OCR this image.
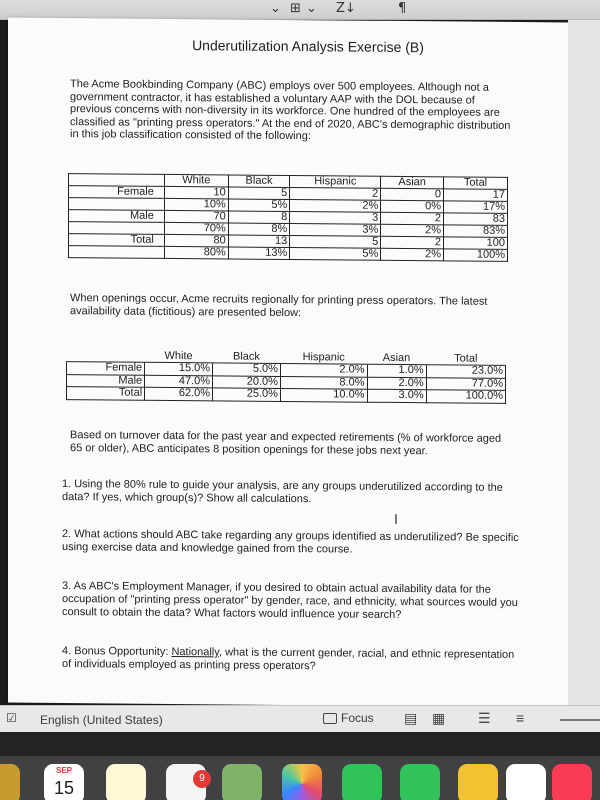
⌄ ⊞ ⌄ Z↓	¶
Underutilization Analysis Exercise (B)
The Acme Bookbinding Company (ABC) employs over 500 employees. Although not a government contractor, it has established a voluntary AAP with the DOL because of previous concerns with non-diversity in its workforce. One hundred of the employees are classified as "printing press operators." At the end of 2020, ABC's demographic distribution in this job classification consisted of the following:
	White	Black	Hispanic	Asian	Total
Female	10	5	2	0	17
	10%	5%	2%	0%	17%
Male	70	8	3	2	83
	70%	8%	3%	2%	83%
Total	80	13	5	2	100
	80%	13%	5%	2%	100%
When openings occur, Acme recruits regionally for printing press operators. The latest availability data (fictitious) are presented below:
	White	Black	Hispanic	Asian	Total
Female	15.0%	5.0%	2.0%	1.0%	23.0%
Male	47.0%	20.0%	8.0%	2.0%	77.0%
Total	62.0%	25.0%	10.0%	3.0%	100.0%
Based on turnover data for the past year and expected retirements (% of workforce aged 65 or older), ABC anticipates 8 position openings for these jobs next year.
1. Using the 80% rule to guide your analysis, are any groups underutilized according to the data? If yes, which group(s)? Show all calculations.
2. What actions should ABC take regarding any groups identified as underutilized? Be specific using exercise data and knowledge gained from the course.
3. As ABC's Employment Manager, if you desired to obtain actual availability data for the occupation of "printing press operator" by gender, race, and ethnicity, what sources would you consult to obtain the data? What factors would influence your search?
4. Bonus Opportunity: Nationally, what is the current gender, racial, and ethnic representation of individuals employed as printing press operators?
I
☑ English (United States)	Focus ▤ ▦ ☰ ≡
SEP
15	9
